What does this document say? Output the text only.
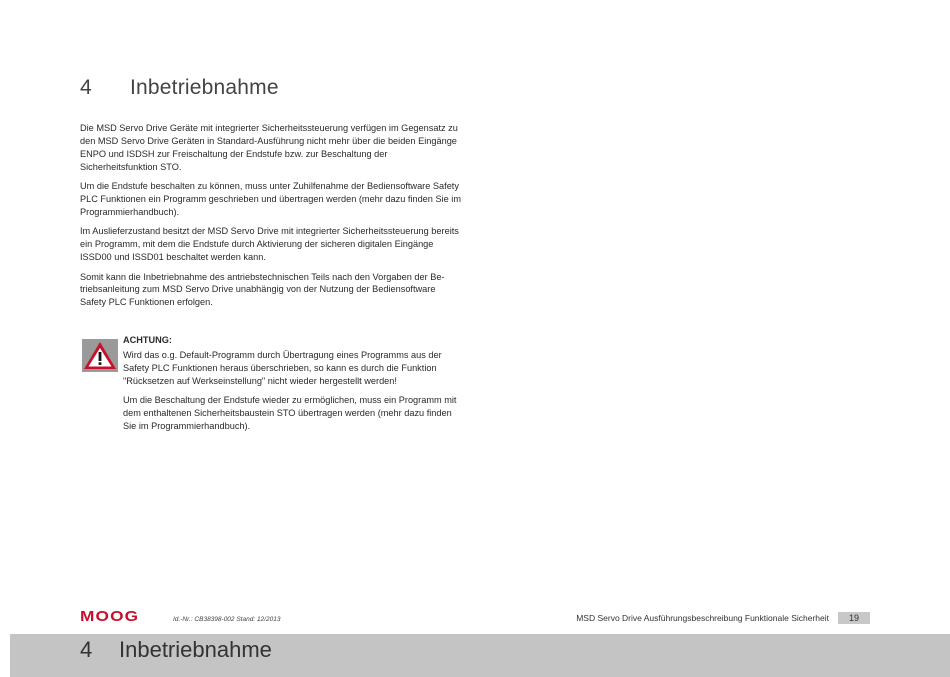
4	Inbetriebnahme

Die MSD Servo Drive Geräte mit integrierter Sicherheitssteuerung verfügen im Gegensatz zu den MSD Servo Drive Geräten in Standard-Ausführung nicht mehr über die beiden Eingänge ENPO und ISDSH zur Freischaltung der Endstufe bzw. zur Beschaltung der Sicherheitsfunktion STO.

Um die Endstufe beschalten zu können, muss unter Zuhilfenahme der Bediensoftware Safety PLC Funktionen ein Programm geschrieben und übertragen werden (mehr dazu finden Sie im Programmierhandbuch).

Im Auslieferzustand besitzt der MSD Servo Drive mit integrierter Sicherheitssteuerung bereits ein Programm, mit dem die Endstufe durch Aktivierung der sicheren digitalen Eingänge ISSD00 und ISSD01 beschaltet werden kann.

Somit kann die Inbetriebnahme des antriebstechnischen Teils nach den Vorgaben der Betriebsanleitung zum MSD Servo Drive unabhängig von der Nutzung der Bediensoftware Safety PLC Funktionen erfolgen.

ACHTUNG:

Wird das o.g. Default-Programm durch Übertragung eines Programms aus der Safety PLC Funktionen heraus überschrieben, so kann es durch die Funktion "Rücksetzen auf Werkseinstellung" nicht wieder hergestellt werden!

Um die Beschaltung der Endstufe wieder zu ermöglichen, muss ein Programm mit dem enthaltenen Sicherheitsbaustein STO übertragen werden (mehr dazu finden Sie im Programmierhandbuch).

MOOG	Id.-Nr.: CB38398-002 Stand: 12/2013	MSD Servo Drive Ausführungsbeschreibung Funktionale Sicherheit	19
4	Inbetriebnahme
